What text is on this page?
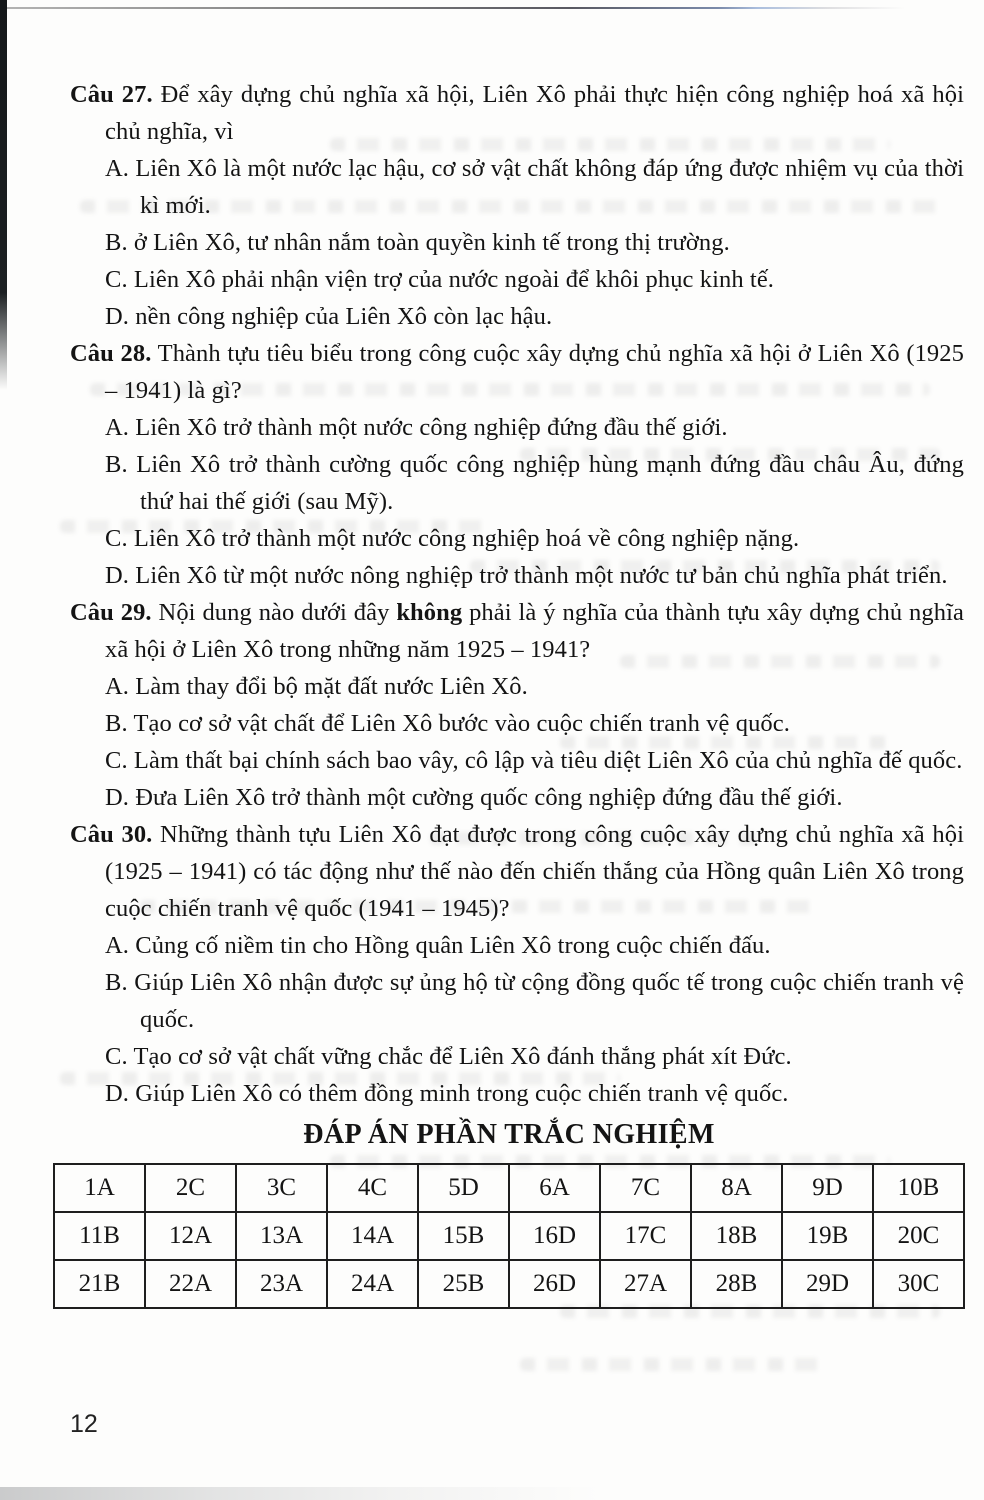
Câu 27. Để xây dựng chủ nghĩa xã hội, Liên Xô phải thực hiện công nghiệp hoá xã hội chủ nghĩa, vì

A. Liên Xô là một nước lạc hậu, cơ sở vật chất không đáp ứng được nhiệm vụ của thời kì mới.

B. ở Liên Xô, tư nhân nắm toàn quyền kinh tế trong thị trường.

C. Liên Xô phải nhận viện trợ của nước ngoài để khôi phục kinh tế.

D. nền công nghiệp của Liên Xô còn lạc hậu.

Câu 28. Thành tựu tiêu biểu trong công cuộc xây dựng chủ nghĩa xã hội ở Liên Xô (1925 – 1941) là gì?

A. Liên Xô trở thành một nước công nghiệp đứng đầu thế giới.

B. Liên Xô trở thành cường quốc công nghiệp hùng mạnh đứng đầu châu Âu, đứng thứ hai thế giới (sau Mỹ).

C. Liên Xô trở thành một nước công nghiệp hoá về công nghiệp nặng.

D. Liên Xô từ một nước nông nghiệp trở thành một nước tư bản chủ nghĩa phát triển.

Câu 29. Nội dung nào dưới đây không phải là ý nghĩa của thành tựu xây dựng chủ nghĩa xã hội ở Liên Xô trong những năm 1925 – 1941?

A. Làm thay đổi bộ mặt đất nước Liên Xô.

B. Tạo cơ sở vật chất để Liên Xô bước vào cuộc chiến tranh vệ quốc.

C. Làm thất bại chính sách bao vây, cô lập và tiêu diệt Liên Xô của chủ nghĩa đế quốc.

D. Đưa Liên Xô trở thành một cường quốc công nghiệp đứng đầu thế giới.

Câu 30. Những thành tựu Liên Xô đạt được trong công cuộc xây dựng chủ nghĩa xã hội (1925 – 1941) có tác động như thế nào đến chiến thắng của Hồng quân Liên Xô trong cuộc chiến tranh vệ quốc (1941 – 1945)?

A. Củng cố niềm tin cho Hồng quân Liên Xô trong cuộc chiến đấu.

B. Giúp Liên Xô nhận được sự ủng hộ từ cộng đồng quốc tế trong cuộc chiến tranh vệ quốc.

C. Tạo cơ sở vật chất vững chắc để Liên Xô đánh thắng phát xít Đức.

D. Giúp Liên Xô có thêm đồng minh trong cuộc chiến tranh vệ quốc.

ĐÁP ÁN PHẦN TRẮC NGHIỆM
1A	2C	3C	4C	5D	6A	7C	8A	9D	10B
11B	12A	13A	14A	15B	16D	17C	18B	19B	20C
21B	22A	23A	24A	25B	26D	27A	28B	29D	30C
12
